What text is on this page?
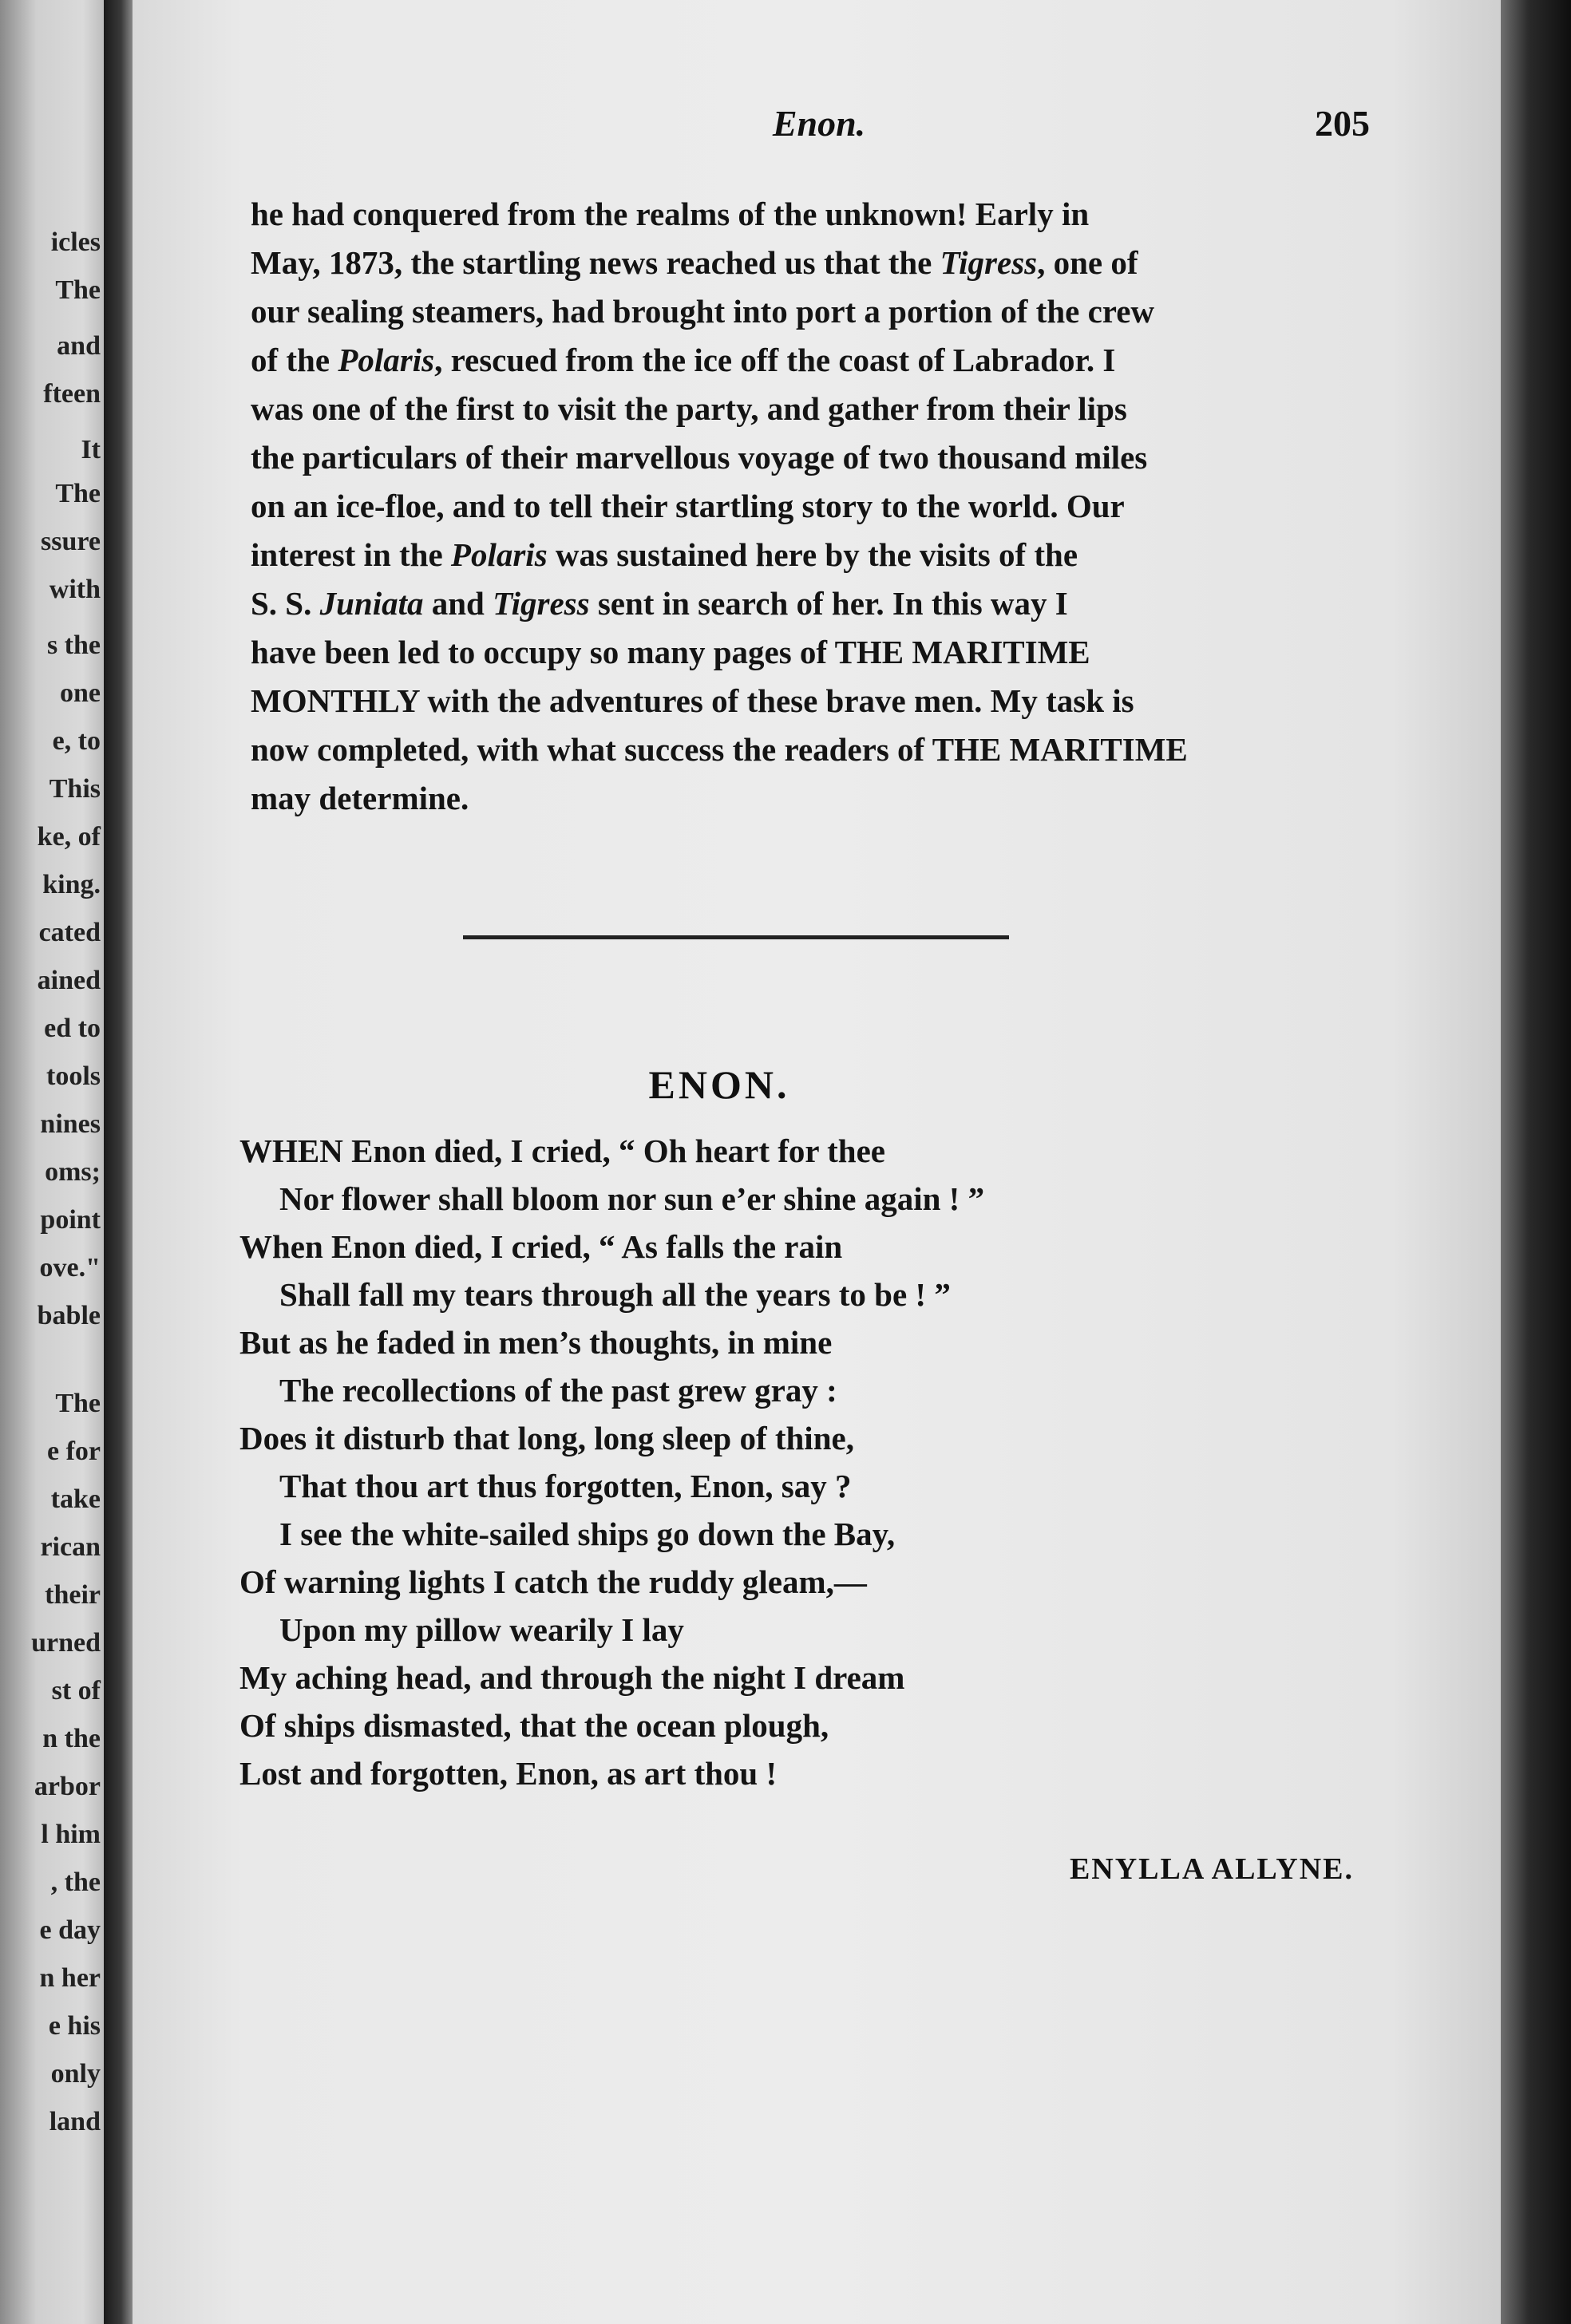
icles
The
and
fteen
It
The
ssure
with
s the
one
e, to
This
ke, of
king.
cated
ained
ed to
tools
nines
oms;
point
ove."
bable
The
e for
take
rican
their
urned
st of
n the
arbor
l him
, the
e day
n her
e his
only
land
Enon.	205
he had conquered from the realms of the unknown! Early in
May, 1873, the startling news reached us that the Tigress, one of
our sealing steamers, had brought into port a portion of the crew
of the Polaris, rescued from the ice off the coast of Labrador. I
was one of the first to visit the party, and gather from their lips
the particulars of their marvellous voyage of two thousand miles
on an ice-floe, and to tell their startling story to the world. Our
interest in the Polaris was sustained here by the visits of the
S. S. Juniata and Tigress sent in search of her. In this way I
have been led to occupy so many pages of THE MARITIME
MONTHLY with the adventures of these brave men. My task is
now completed, with what success the readers of THE MARITIME
may determine.
ENON.
WHEN Enon died, I cried, “ Oh heart for thee
Nor flower shall bloom nor sun e’er shine again ! ”
When Enon died, I cried, “ As falls the rain
Shall fall my tears through all the years to be ! ”
But as he faded in men’s thoughts, in mine
The recollections of the past grew gray :
Does it disturb that long, long sleep of thine,
That thou art thus forgotten, Enon, say ?
I see the white-sailed ships go down the Bay,
Of warning lights I catch the ruddy gleam,—
Upon my pillow wearily I lay
My aching head, and through the night I dream
Of ships dismasted, that the ocean plough,
Lost and forgotten, Enon, as art thou !
ENYLLA ALLYNE.
